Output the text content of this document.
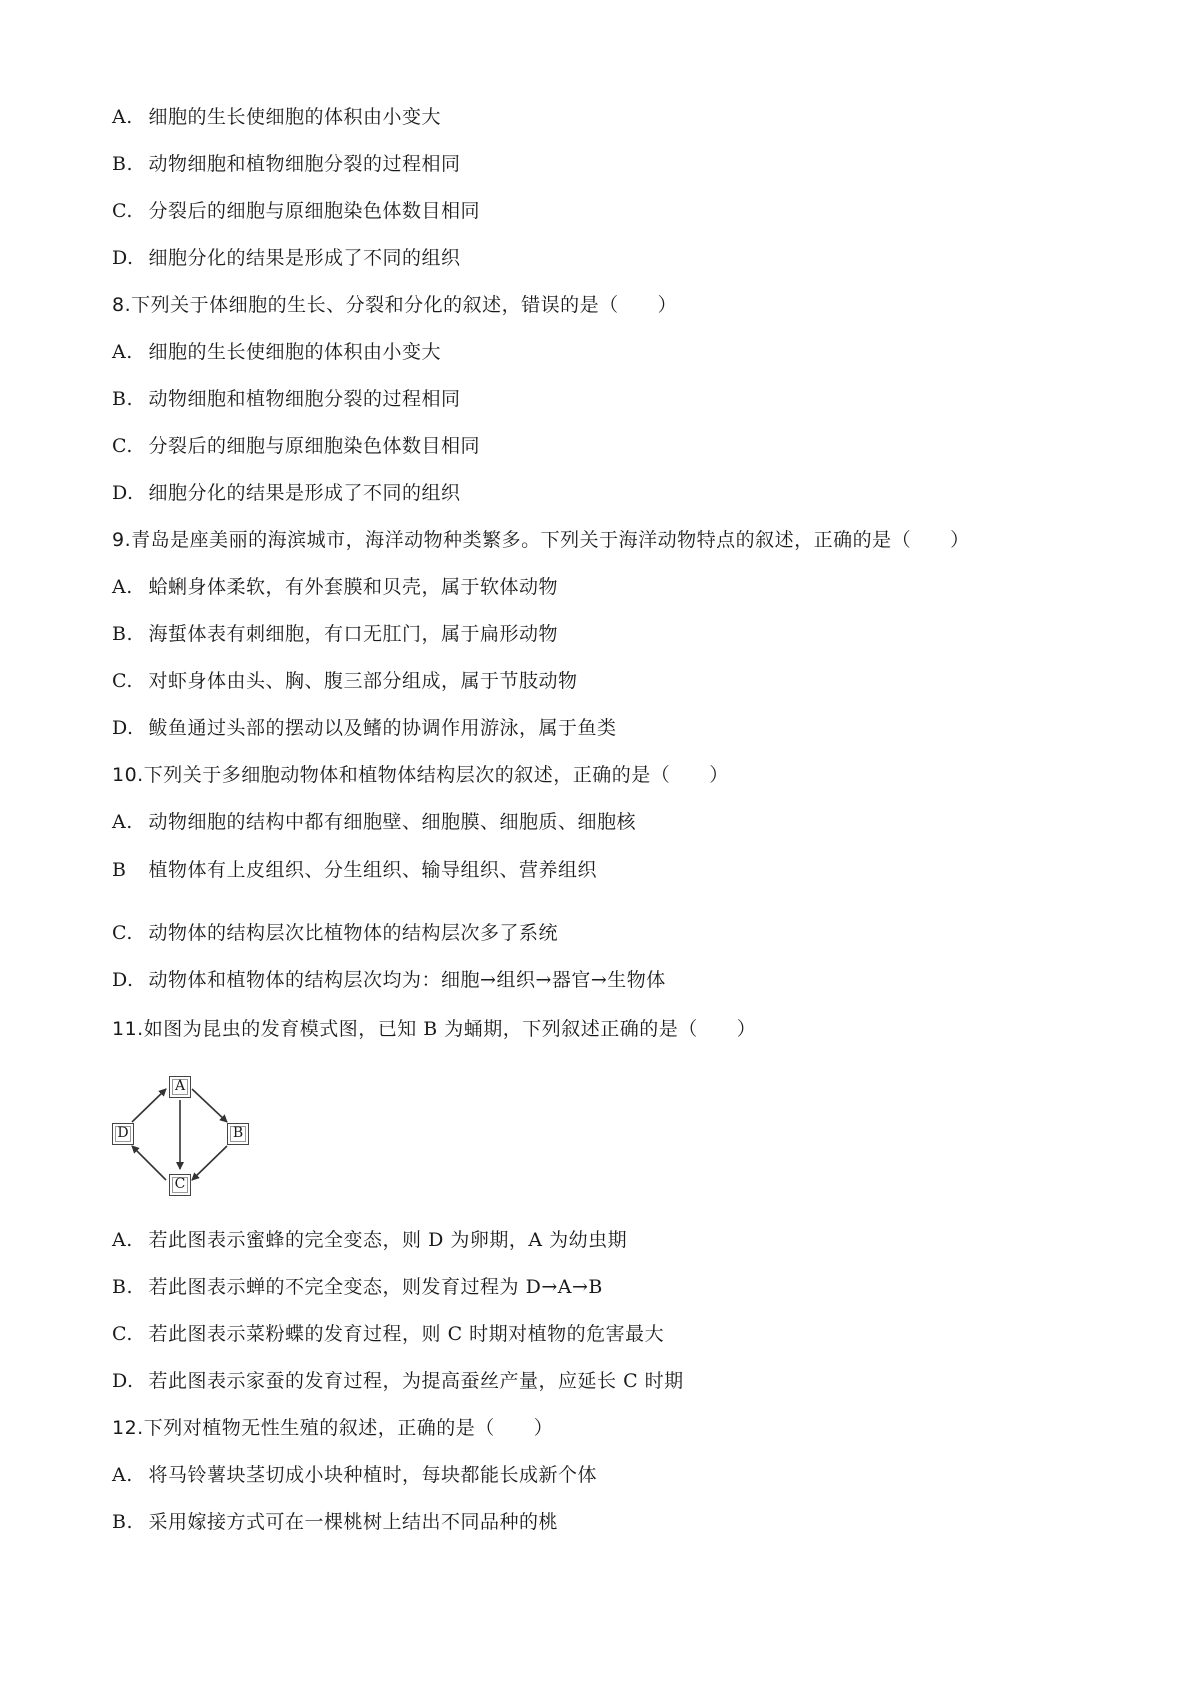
A. 细胞的生长使细胞的体积由小变大
B. 动物细胞和植物细胞分裂的过程相同
C. 分裂后的细胞与原细胞染色体数目相同
D. 细胞分化的结果是形成了不同的组织
8.下列关于体细胞的生长、分裂和分化的叙述，错误的是（　　）
A. 细胞的生长使细胞的体积由小变大
B. 动物细胞和植物细胞分裂的过程相同
C. 分裂后的细胞与原细胞染色体数目相同
D. 细胞分化的结果是形成了不同的组织
9.青岛是座美丽的海滨城市，海洋动物种类繁多。下列关于海洋动物特点的叙述，正确的是（　　）
A. 蛤蜊身体柔软，有外套膜和贝壳，属于软体动物
B. 海蜇体表有刺细胞，有口无肛门，属于扁形动物
C. 对虾身体由头、胸、腹三部分组成，属于节肢动物
D. 鲅鱼通过头部的摆动以及鳍的协调作用游泳，属于鱼类
10.下列关于多细胞动物体和植物体结构层次的叙述，正确的是（　　）
A. 动物细胞的结构中都有细胞壁、细胞膜、细胞质、细胞核
B 植物体有上皮组织、分生组织、输导组织、营养组织
C. 动物体的结构层次比植物体的结构层次多了系统
D. 动物体和植物体的结构层次均为：细胞→组织→器官→生物体
11.如图为昆虫的发育模式图，已知 B 为蛹期，下列叙述正确的是（　　）
A
D	B
C
A. 若此图表示蜜蜂的完全变态，则 D 为卵期，A 为幼虫期
B. 若此图表示蝉的不完全变态，则发育过程为 D→A→B
C. 若此图表示菜粉蝶的发育过程，则 C 时期对植物的危害最大
D. 若此图表示家蚕的发育过程，为提高蚕丝产量，应延长 C 时期
12.下列对植物无性生殖的叙述，正确的是（　　）
A. 将马铃薯块茎切成小块种植时，每块都能长成新个体
B. 采用嫁接方式可在一棵桃树上结出不同品种的桃
